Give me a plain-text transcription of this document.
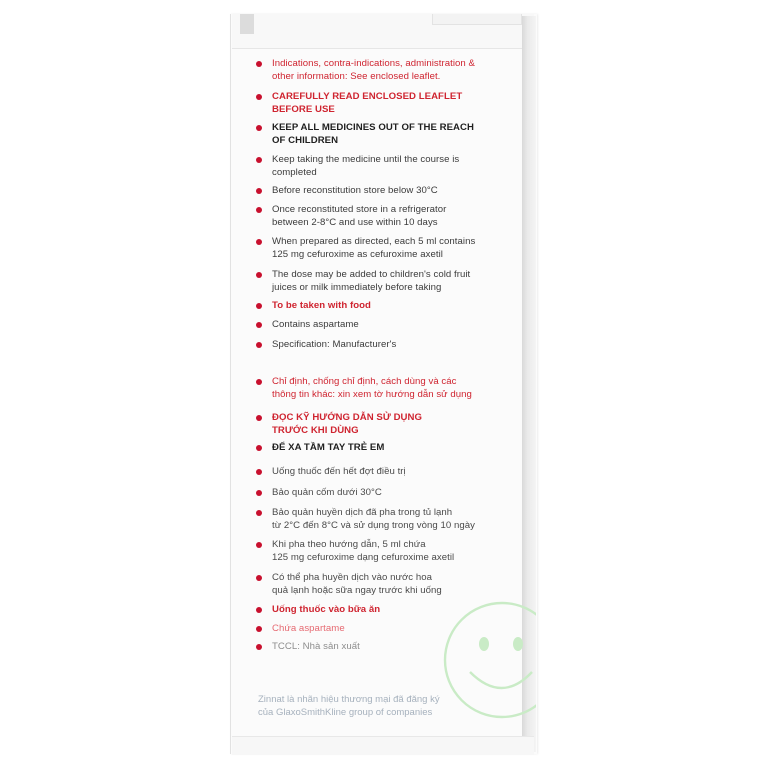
Indications, contra-indications, administration &
other information: See enclosed leaflet.
CAREFULLY READ ENCLOSED LEAFLET
BEFORE USE
KEEP ALL MEDICINES OUT OF THE REACH
OF CHILDREN
Keep taking the medicine until the course is
completed
Before reconstitution store below 30°C
Once reconstituted store in a refrigerator
between 2-8°C and use within 10 days
When prepared as directed, each 5 ml contains
125 mg cefuroxime as cefuroxime axetil
The dose may be added to children's cold fruit
juices or milk immediately before taking
To be taken with food
Contains aspartame
Specification: Manufacturer's
Chỉ định, chống chỉ định, cách dùng và các
thông tin khác: xin xem tờ hướng dẫn sử dụng
ĐỌC KỸ HƯỚNG DẪN SỬ DỤNG
TRƯỚC KHI DÙNG
ĐỂ XA TẦM TAY TRẺ EM
Uống thuốc đến hết đợt điều trị
Bảo quản cốm dưới 30°C
Bảo quản huyền dịch đã pha trong tủ lạnh
từ 2°C đến 8°C và sử dụng trong vòng 10 ngày
Khi pha theo hướng dẫn, 5 ml chứa
125 mg cefuroxime dạng cefuroxime axetil
Có thể pha huyền dịch vào nước hoa
quả lạnh hoặc sữa ngay trước khi uống
Uống thuốc vào bữa ăn
Chứa aspartame
TCCL: Nhà sản xuất
Zinnat là nhãn hiệu thương mại đã đăng ký
của GlaxoSmithKline group of companies
